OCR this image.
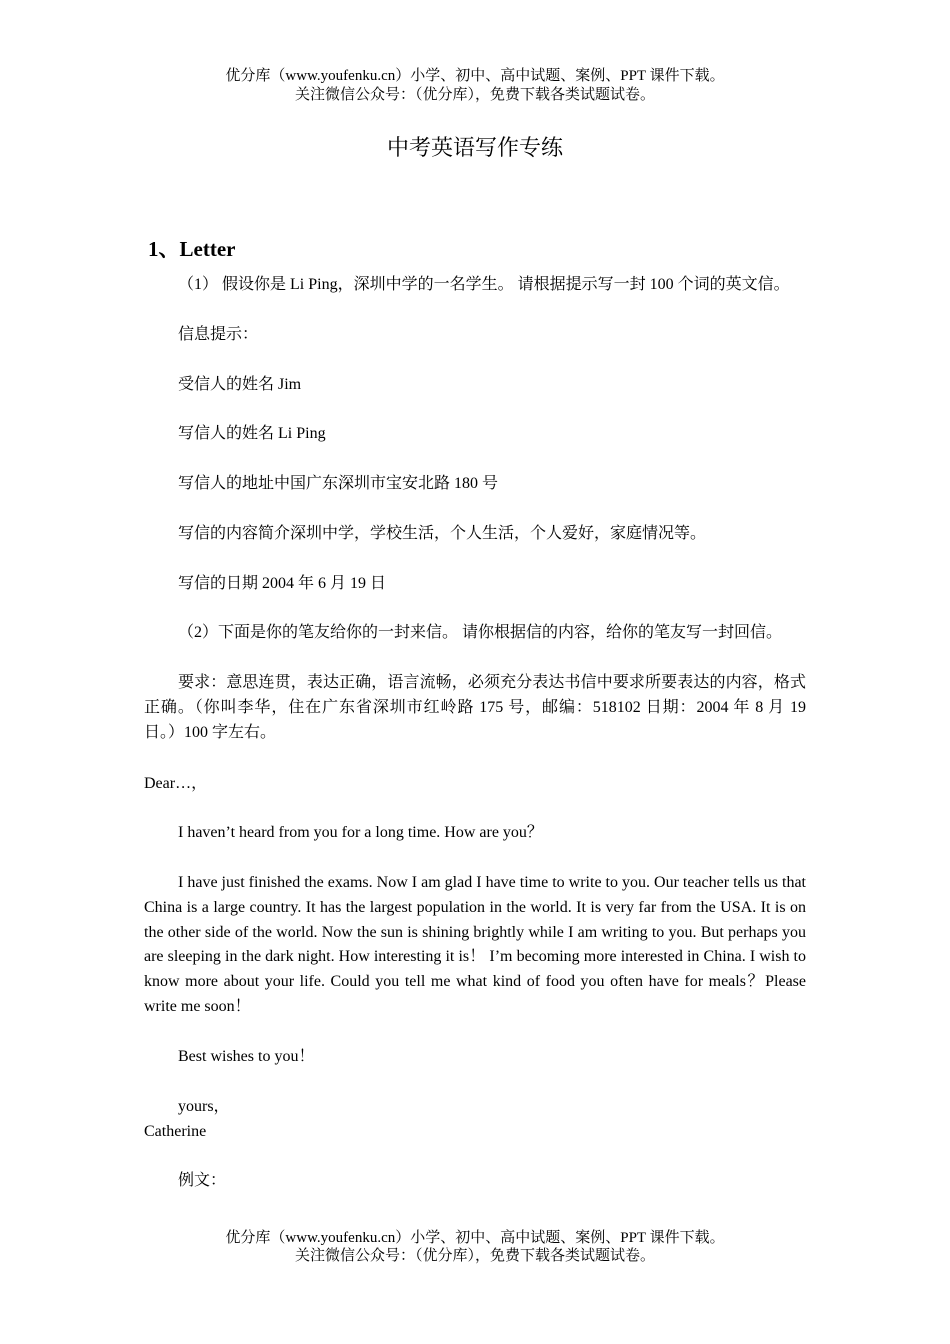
优分库（www.youfenku.cn）小学、初中、高中试题、案例、PPT 课件下载。
关注微信公众号：（优分库），免费下载各类试题试卷。
中考英语写作专练
1、Letter
（1） 假设你是 Li Ping，深圳中学的一名学生。 请根据提示写一封 100 个词的英文信。
信息提示：
受信人的姓名 Jim
写信人的姓名 Li Ping
写信人的地址中国广东深圳市宝安北路 180 号
写信的内容简介深圳中学，学校生活，个人生活，个人爱好，家庭情况等。
写信的日期 2004 年 6 月 19 日
（2）下面是你的笔友给你的一封来信。 请你根据信的内容，给你的笔友写一封回信。
要求：意思连贯，表达正确，语言流畅，必须充分表达书信中要求所要表达的内容，格式正确。（你叫李华，住在广东省深圳市红岭路 175 号，邮编：518102 日期：2004 年 8 月 19 日。）100 字左右。
Dear…，
I haven’t heard from you for a long time. How are you？
I have just finished the exams. Now I am glad I have time to write to you. Our teacher tells us that China is a large country. It has the largest population in the world. It is very far from the USA. It is on the other side of the world. Now the sun is shining brightly while I am writing to you. But perhaps you are sleeping in the dark night. How interesting it is！ I’m becoming more interested in China. I wish to know more about your life. Could you tell me what kind of food you often have for meals？Please write me soon！
Best wishes to you！
yours，
Catherine
例文：
优分库（www.youfenku.cn）小学、初中、高中试题、案例、PPT 课件下载。
关注微信公众号：（优分库），免费下载各类试题试卷。
